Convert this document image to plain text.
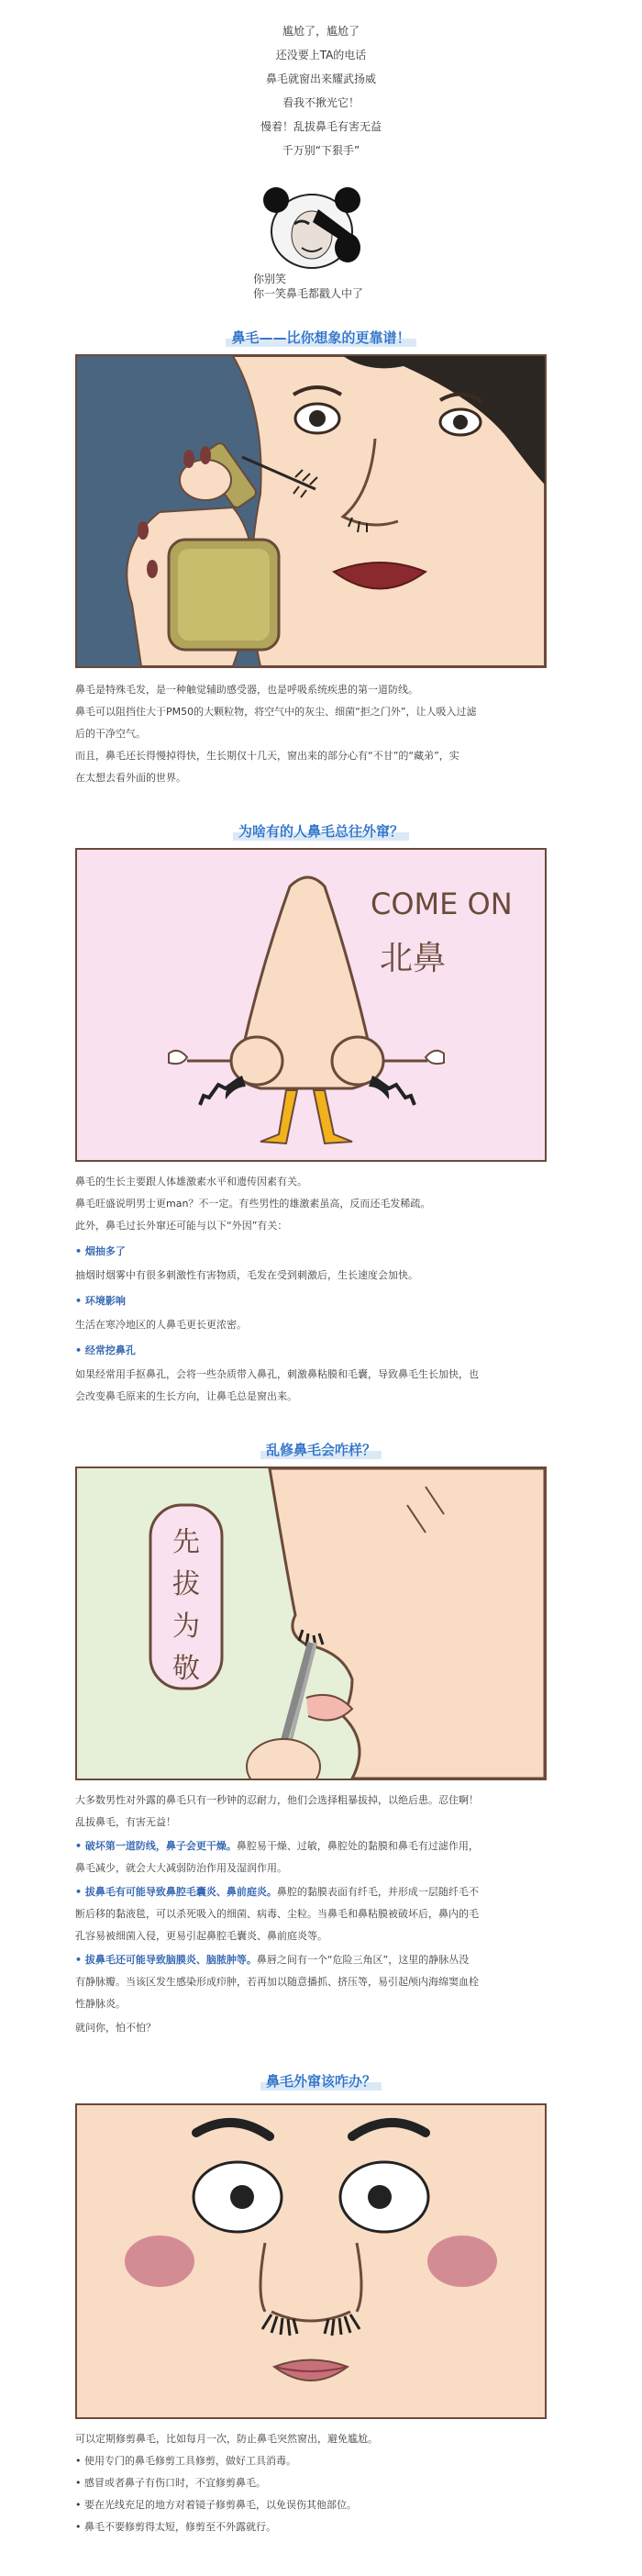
尴尬了，尴尬了
还没要上TA的电话
鼻毛就窗出来耀武扬威
看我不揪光它！
慢着！乱拔鼻毛有害无益
千万别“下狠手”
你别笑
你一笑鼻毛都戳人中了
鼻毛——比你想象的更靠谱！
鼻毛是特殊毛发，是一种触觉辅助感受器，也是呼吸系统疾患的第一道防线。
鼻毛可以阻挡住大于PM50的大颗粒物，将空气中的灰尘、细菌“拒之门外”，让人吸入过滤
后的干净空气。
而且，鼻毛还长得慢掉得快，生长期仅十几天，窗出来的部分心有“不甘”的“藏弟”，实
在太想去看外面的世界。
为啥有的人鼻毛总往外窜？
COME ON
北鼻
鼻毛的生长主要跟人体雄激素水平和遗传因素有关。
鼻毛旺盛说明男士更man？不一定。有些男性的雄激素虽高，反而还毛发稀疏。
此外，鼻毛过长外窜还可能与以下“外因”有关：
• 烟抽多了
抽烟时烟雾中有很多刺激性有害物质，毛发在受到刺激后，生长速度会加快。
• 环境影响
生活在寒冷地区的人鼻毛更长更浓密。
• 经常挖鼻孔
如果经常用手抠鼻孔，会将一些杂质带入鼻孔，刺激鼻粘膜和毛囊，导致鼻毛生长加快，也
会改变鼻毛原来的生长方向，让鼻毛总是窗出来。
乱修鼻毛会咋样？
先
拔
为
敬
大多数男性对外露的鼻毛只有一秒钟的忍耐力，他们会选择粗暴拔掉，以绝后患。忍住啊！
乱拔鼻毛，有害无益！
• 破坏第一道防线，鼻子会更干燥。鼻腔易干燥、过敏，鼻腔处的黏膜和鼻毛有过滤作用，
鼻毛减少，就会大大减弱防治作用及湿润作用。
• 拔鼻毛有可能导致鼻腔毛囊炎、鼻前庭炎。鼻腔的黏膜表面有纤毛，并形成一层随纤毛不
断后移的黏液毯，可以杀死吸入的细菌、病毒、尘粒。当鼻毛和鼻粘膜被破坏后，鼻内的毛
孔容易被细菌入侵，更易引起鼻腔毛囊炎、鼻前庭炎等。
• 拔鼻毛还可能导致脑膜炎、脑脓肿等。鼻唇之间有一个“危险三角区”，这里的静脉丛没
有静脉瓣。当该区发生感染形成疖肿，若再加以随意播抓、挤压等，易引起颅内海绵窦血栓
性静脉炎。
就问你，怕不怕？
鼻毛外窜该咋办？
可以定期修剪鼻毛，比如每月一次，防止鼻毛突然窗出，避免尴尬。
• 使用专门的鼻毛修剪工具修剪，做好工具消毒。
• 感冒或者鼻子有伤口时，不宜修剪鼻毛。
• 要在光线充足的地方对着镜子修剪鼻毛，以免误伤其他部位。
• 鼻毛不要修剪得太短，修剪至不外露就行。
